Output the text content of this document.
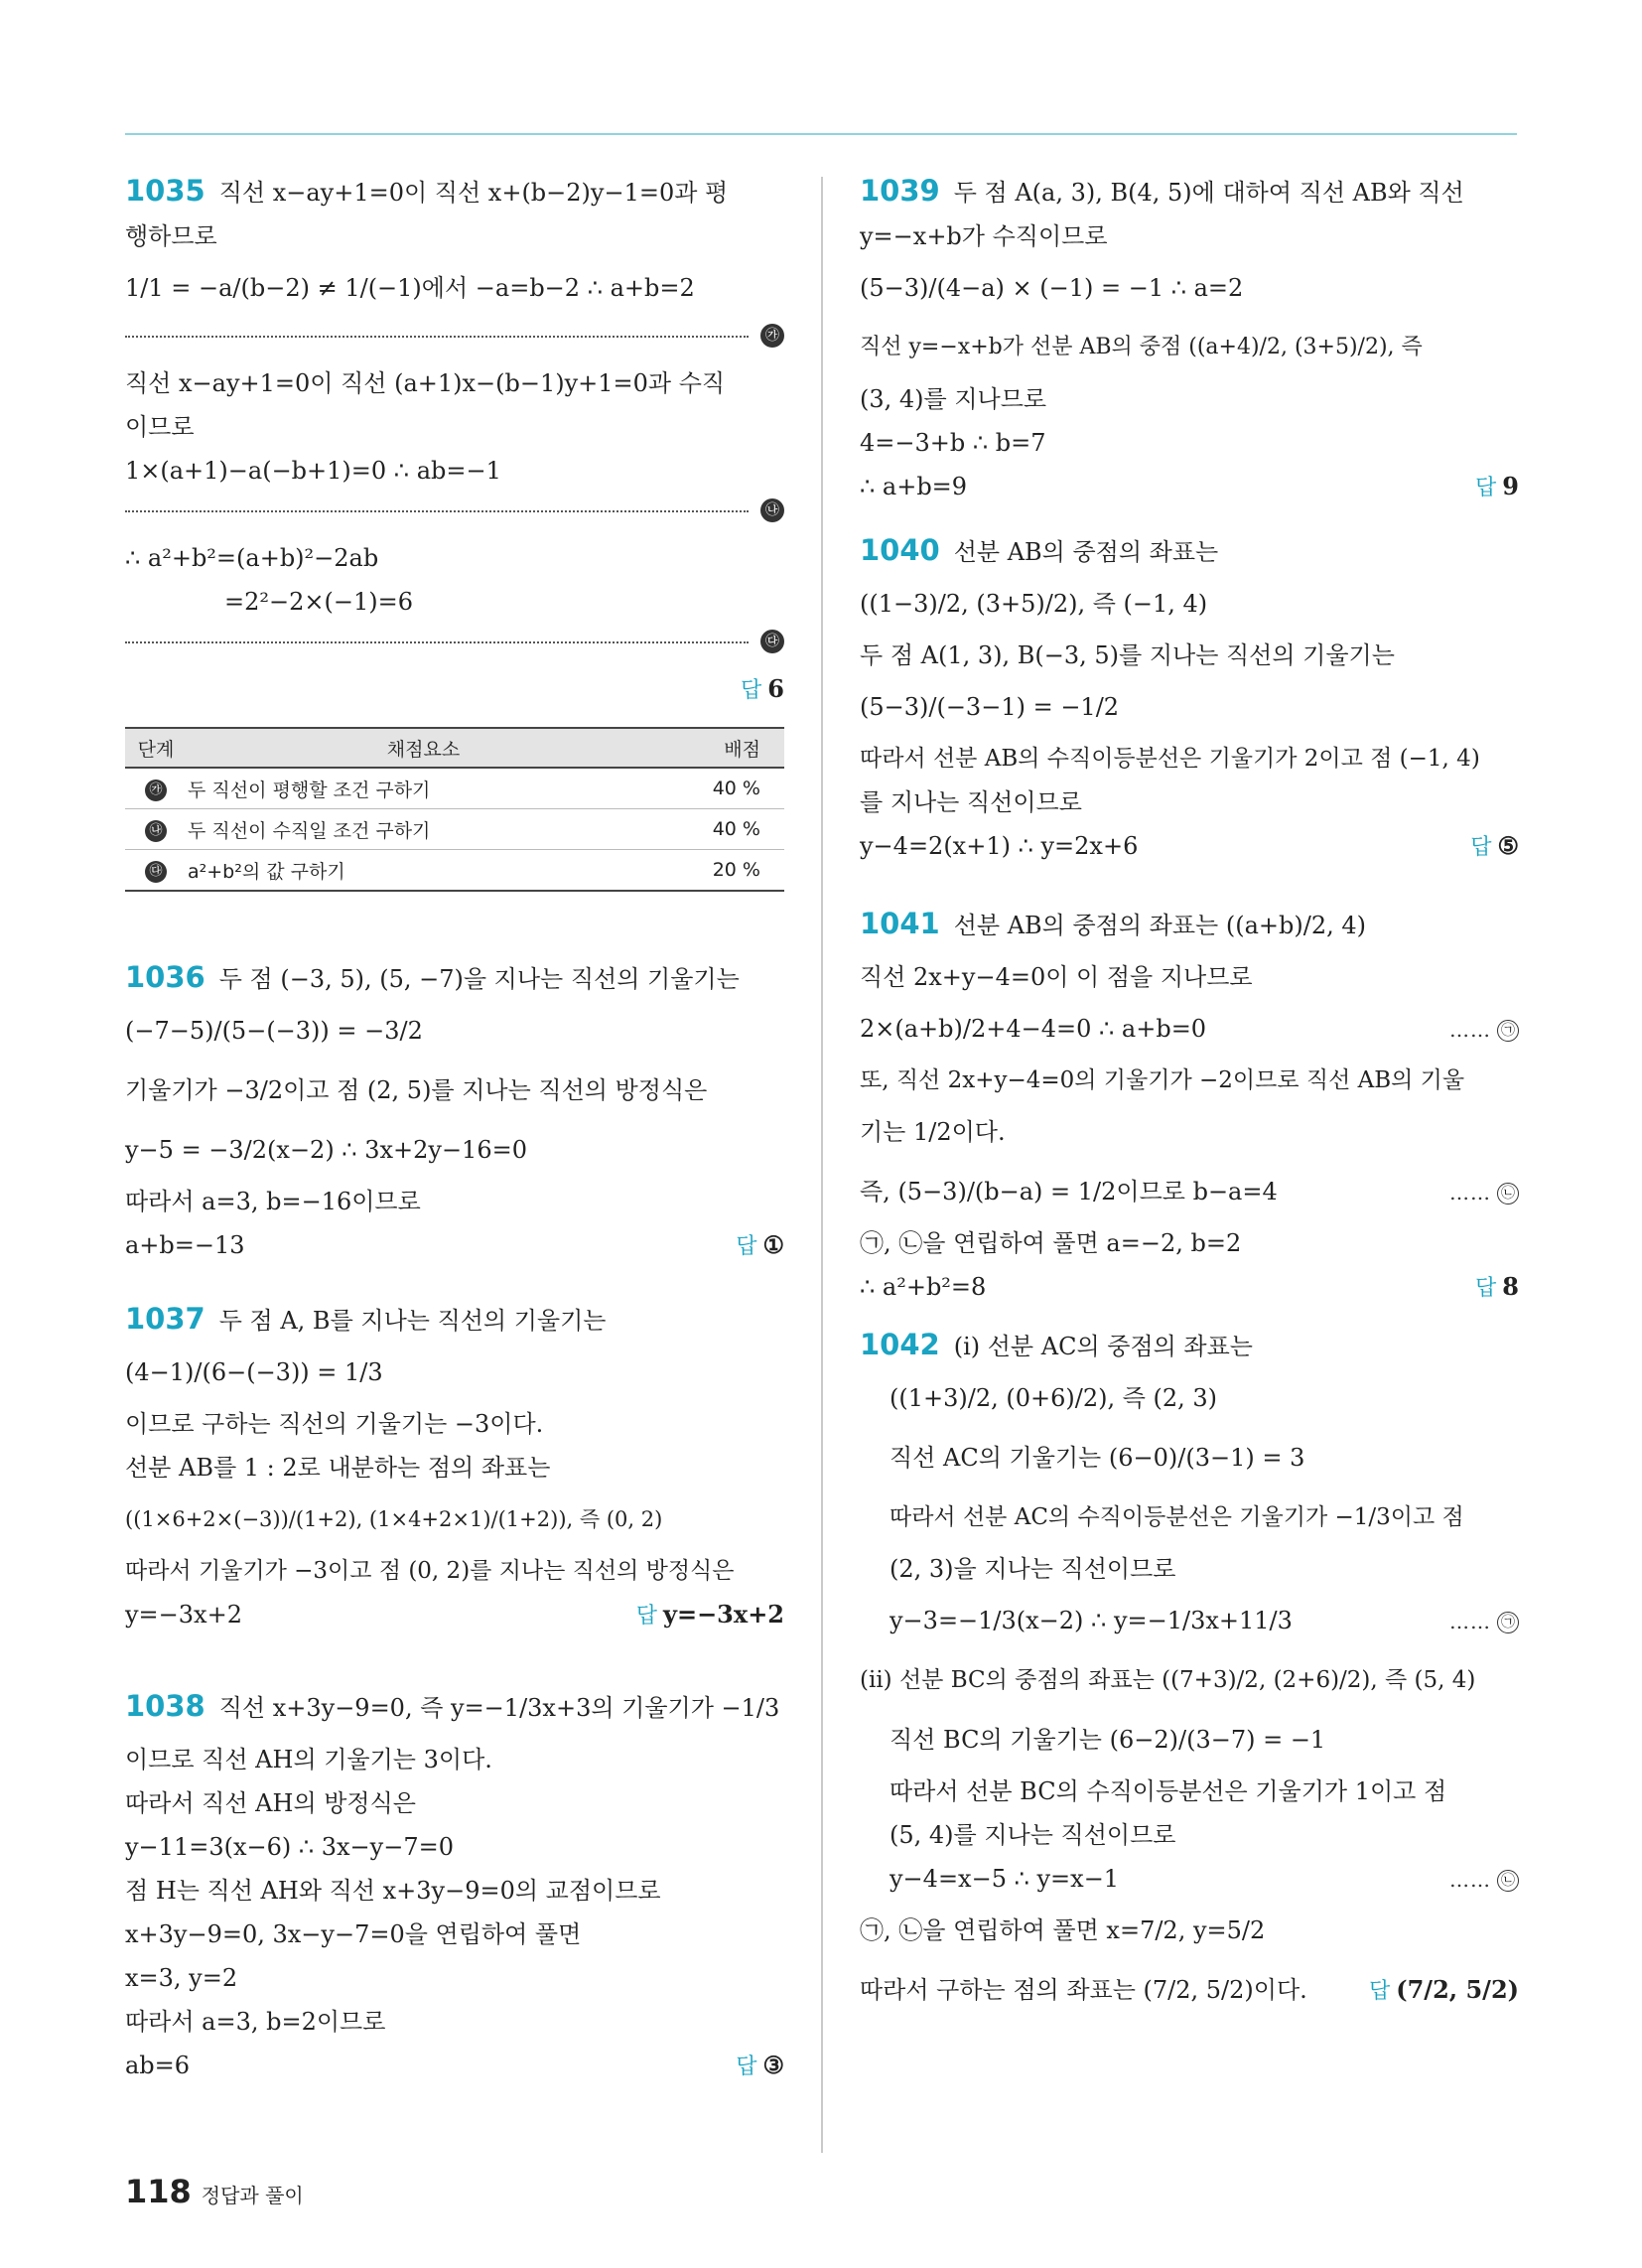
1035 직선 x−ay+1=0이 직선 x+(b−2)y−1=0과 평
행하므로
1/1 = −a/(b−2) ≠ 1/(−1)에서 −a=b−2 ∴ a+b=2
㉮
직선 x−ay+1=0이 직선 (a+1)x−(b−1)y+1=0과 수직
이므로
1×(a+1)−a(−b+1)=0 ∴ ab=−1
㉯
∴ a²+b²=(a+b)²−2ab
=2²−2×(−1)=6
㉰
답 6
단계	채점요소	배점
㉮	두 직선이 평행할 조건 구하기	40 %
㉯	두 직선이 수직일 조건 구하기	40 %
㉰	a²+b²의 값 구하기	20 %
1036 두 점 (−3, 5), (5, −7)을 지나는 직선의 기울기는
(−7−5)/(5−(−3)) = −3/2
기울기가 −3/2이고 점 (2, 5)를 지나는 직선의 방정식은
y−5 = −3/2(x−2) ∴ 3x+2y−16=0
따라서 a=3, b=−16이므로
a+b=−13	답 ①
1037 두 점 A, B를 지나는 직선의 기울기는
(4−1)/(6−(−3)) = 1/3
이므로 구하는 직선의 기울기는 −3이다.
선분 AB를 1 : 2로 내분하는 점의 좌표는
((1×6+2×(−3))/(1+2), (1×4+2×1)/(1+2)), 즉 (0, 2)
따라서 기울기가 −3이고 점 (0, 2)를 지나는 직선의 방정식은
y=−3x+2	답 y=−3x+2
1038 직선 x+3y−9=0, 즉 y=−1/3x+3의 기울기가 −1/3
이므로 직선 AH의 기울기는 3이다.
따라서 직선 AH의 방정식은
y−11=3(x−6) ∴ 3x−y−7=0
점 H는 직선 AH와 직선 x+3y−9=0의 교점이므로
x+3y−9=0, 3x−y−7=0을 연립하여 풀면
x=3, y=2
따라서 a=3, b=2이므로
ab=6	답 ③
1039 두 점 A(a, 3), B(4, 5)에 대하여 직선 AB와 직선
y=−x+b가 수직이므로
(5−3)/(4−a) × (−1) = −1 ∴ a=2
직선 y=−x+b가 선분 AB의 중점 ((a+4)/2, (3+5)/2), 즉
(3, 4)를 지나므로
4=−3+b ∴ b=7
∴ a+b=9	답 9
1040 선분 AB의 중점의 좌표는
((1−3)/2, (3+5)/2), 즉 (−1, 4)
두 점 A(1, 3), B(−3, 5)를 지나는 직선의 기울기는
(5−3)/(−3−1) = −1/2
따라서 선분 AB의 수직이등분선은 기울기가 2이고 점 (−1, 4)
를 지나는 직선이므로
y−4=2(x+1) ∴ y=2x+6	답 ⑤
1041 선분 AB의 중점의 좌표는 ((a+b)/2, 4)
직선 2x+y−4=0이 이 점을 지나므로
2×(a+b)/2+4−4=0 ∴ a+b=0	…… ㉠
또, 직선 2x+y−4=0의 기울기가 −2이므로 직선 AB의 기울
기는 1/2이다.
즉, (5−3)/(b−a) = 1/2이므로 b−a=4	…… ㉡
㉠, ㉡을 연립하여 풀면 a=−2, b=2
∴ a²+b²=8	답 8
1042 (i) 선분 AC의 중점의 좌표는
((1+3)/2, (0+6)/2), 즉 (2, 3)
직선 AC의 기울기는 (6−0)/(3−1) = 3
따라서 선분 AC의 수직이등분선은 기울기가 −1/3이고 점
(2, 3)을 지나는 직선이므로
y−3=−1/3(x−2) ∴ y=−1/3x+11/3	…… ㉠
(ii) 선분 BC의 중점의 좌표는 ((7+3)/2, (2+6)/2), 즉 (5, 4)
직선 BC의 기울기는 (6−2)/(3−7) = −1
따라서 선분 BC의 수직이등분선은 기울기가 1이고 점
(5, 4)를 지나는 직선이므로
y−4=x−5 ∴ y=x−1	…… ㉡
㉠, ㉡을 연립하여 풀면 x=7/2, y=5/2
따라서 구하는 점의 좌표는 (7/2, 5/2)이다.	답 (7/2, 5/2)
118 정답과 풀이
